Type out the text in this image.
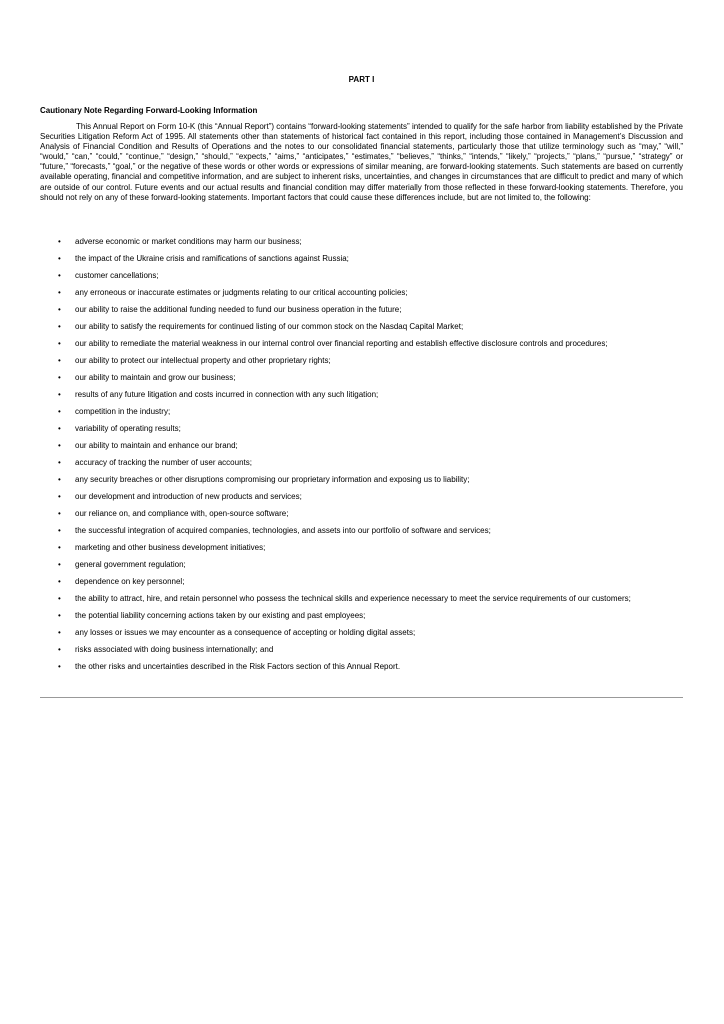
PART I
Cautionary Note Regarding Forward-Looking Information

This Annual Report on Form 10-K (this “Annual Report”) contains “forward-looking statements” intended to qualify for the safe harbor from liability established by the Private Securities Litigation Reform Act of 1995. All statements other than statements of historical fact contained in this report, including those contained in Management’s Discussion and Analysis of Financial Condition and Results of Operations and the notes to our consolidated financial statements, particularly those that utilize terminology such as “may,” “will,” “would,” “can,” “could,” “continue,” “design,” “should,” “expects,” “aims,” “anticipates,” “estimates,” “believes,” “thinks,” “intends,” “likely,” “projects,” “plans,” “pursue,” “strategy” or “future,” “forecasts,” “goal,” or the negative of these words or other words or expressions of similar meaning, are forward-looking statements. Such statements are based on currently available operating, financial and competitive information, and are subject to inherent risks, uncertainties, and changes in circumstances that are difficult to predict and many of which are outside of our control. Future events and our actual results and financial condition may differ materially from those reflected in these forward-looking statements. Therefore, you should not rely on any of these forward-looking statements. Important factors that could cause these differences include, but are not limited to, the following:

• adverse economic or market conditions may harm our business;
• the impact of the Ukraine crisis and ramifications of sanctions against Russia;
• customer cancellations;
• any erroneous or inaccurate estimates or judgments relating to our critical accounting policies;
• our ability to raise the additional funding needed to fund our business operation in the future;
• our ability to satisfy the requirements for continued listing of our common stock on the Nasdaq Capital Market;
• our ability to remediate the material weakness in our internal control over financial reporting and establish effective disclosure controls and procedures;
• our ability to protect our intellectual property and other proprietary rights;
• our ability to maintain and grow our business;
• results of any future litigation and costs incurred in connection with any such litigation;
• competition in the industry;
• variability of operating results;
• our ability to maintain and enhance our brand;
• accuracy of tracking the number of user accounts;
• any security breaches or other disruptions compromising our proprietary information and exposing us to liability;
• our development and introduction of new products and services;
• our reliance on, and compliance with, open-source software;
• the successful integration of acquired companies, technologies, and assets into our portfolio of software and services;
• marketing and other business development initiatives;
• general government regulation;
• dependence on key personnel;
• the ability to attract, hire, and retain personnel who possess the technical skills and experience necessary to meet the service requirements of our customers;
• the potential liability concerning actions taken by our existing and past employees;
• any losses or issues we may encounter as a consequence of accepting or holding digital assets;
• risks associated with doing business internationally; and
• the other risks and uncertainties described in the Risk Factors section of this Annual Report.
